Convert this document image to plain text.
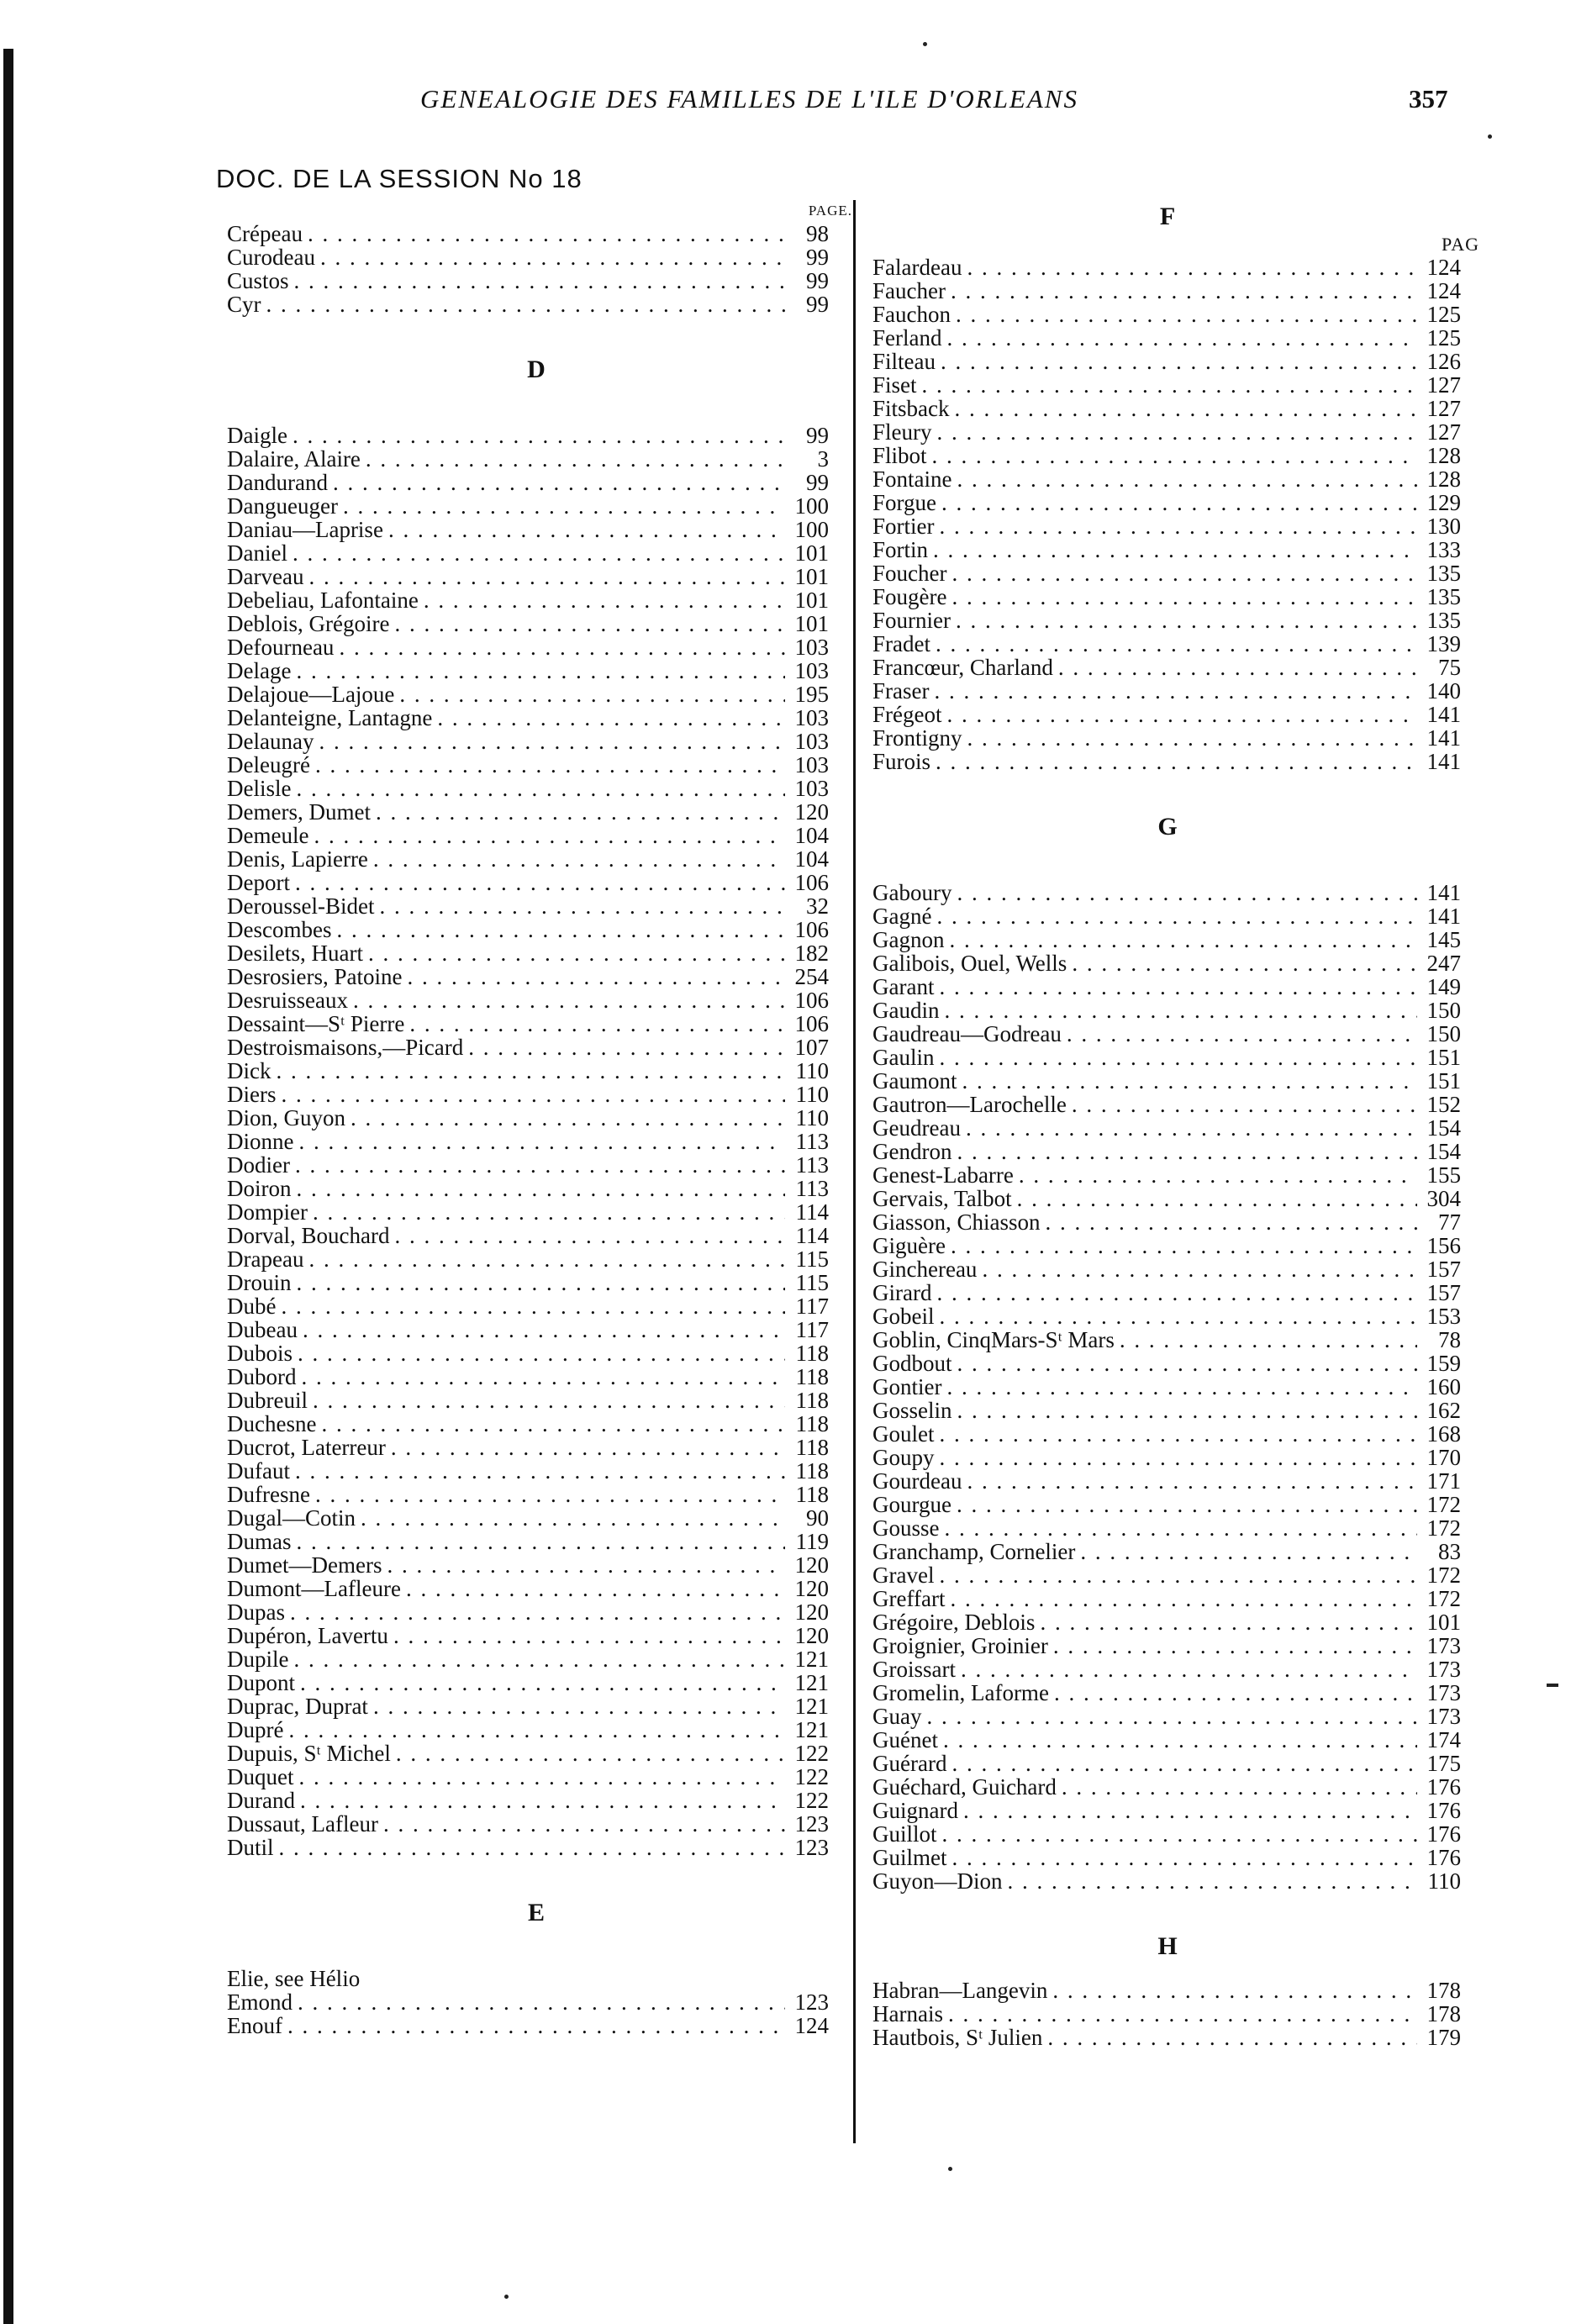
GENEALOGIE DES FAMILLES DE L'ILE D'ORLEANS	357
DOC. DE LA SESSION No 18
PAGE.
Crépeau . . .	98
Curodeau . . .	99
Custos . . .	99
Cyr . . .	99
D
Daigle . . .	99
Dalaire, Alaire . . .	3
Dandurand . . .	99
Dangueuger . . .	100
Daniau—Laprise . . .	100
Daniel . . .	101
Darveau . . .	101
Debeliau, Lafontaine . . .	101
Deblois, Grégoire . . .	101
Defourneau . . .	103
Delage . . .	103
Delajoue—Lajoue . . .	195
Delanteigne, Lantagne . . .	103
Delaunay . . .	103
Deleugré . . .	103
Delisle . . .	103
Demers, Dumet . . .	120
Demeule . . .	104
Denis, Lapierre . . .	104
Deport . . .	106
Deroussel-Bidet . . .	32
Descombes . . .	106
Desilets, Huart . . .	182
Desrosiers, Patoine . . .	254
Desruisseaux . . .	106
Dessaint—Sᵗ Pierre . . .	106
Destroismaisons,—Picard . . .	107
Dick . . .	110
Diers . . .	110
Dion, Guyon . . .	110
Dionne . . .	113
Dodier . . .	113
Doiron . . .	113
Dompier . . .	114
Dorval, Bouchard . . .	114
Drapeau . . .	115
Drouin . . .	115
Dubé . . .	117
Dubeau . . .	117
Dubois . . .	118
Dubord . . .	118
Dubreuil . . .	118
Duchesne . . .	118
Ducrot, Laterreur . . .	118
Dufaut . . .	118
Dufresne . . .	118
Dugal—Cotin . . .	90
Dumas . . .	119
Dumet—Demers . . .	120
Dumont—Lafleure . . .	120
Dupas . . .	120
Dupéron, Lavertu . . .	120
Dupile . . .	121
Dupont . . .	121
Duprac, Duprat . . .	121
Dupré . . .	121
Dupuis, Sᵗ Michel . . .	122
Duquet . . .	122
Durand . . .	122
Dussaut, Lafleur . . .	123
Dutil . . .	123
E
Elie, see Hélio
Emond . . .	123
Enouf . . .	124
F
PAG
Falardeau . . .	124
Faucher . . .	124
Fauchon . . .	125
Ferland . . .	125
Filteau . . .	126
Fiset . . .	127
Fitsback . . .	127
Fleury . . .	127
Flibot . . .	128
Fontaine . . .	128
Forgue . . .	129
Fortier . . .	130
Fortin . . .	133
Foucher . . .	135
Fougère . . .	135
Fournier . . .	135
Fradet . . .	139
Francœur, Charland . . .	75
Fraser . . .	140
Frégeot . . .	141
Frontigny . . .	141
Furois . . .	141
G
Gaboury . . .	141
Gagné . . .	141
Gagnon . . .	145
Galibois, Ouel, Wells . . .	247
Garant . . .	149
Gaudin . . .	150
Gaudreau—Godreau . . .	150
Gaulin . . .	151
Gaumont . . .	151
Gautron—Larochelle . . .	152
Geudreau . . .	154
Gendron . . .	154
Genest-Labarre . . .	155
Gervais, Talbot . . .	304
Giasson, Chiasson . . .	77
Giguère . . .	156
Ginchereau . . .	157
Girard . . .	157
Gobeil . . .	153
Goblin, CinqMars-Sᵗ Mars . . .	78
Godbout . . .	159
Gontier . . .	160
Gosselin . . .	162
Goulet . . .	168
Goupy . . .	170
Gourdeau . . .	171
Gourgue . . .	172
Gousse . . .	172
Granchamp, Cornelier . . .	83
Gravel . . .	172
Greffart . . .	172
Grégoire, Deblois . . .	101
Groignier, Groinier . . .	173
Groissart . . .	173
Gromelin, Laforme . . .	173
Guay . . .	173
Guénet . . .	174
Guérard . . .	175
Guéchard, Guichard . . .	176
Guignard . . .	176
Guillot . . .	176
Guilmet . . .	176
Guyon—Dion . . .	110
H
Habran—Langevin . . .	178
Harnais . . .	178
Hautbois, Sᵗ Julien . . .	179
